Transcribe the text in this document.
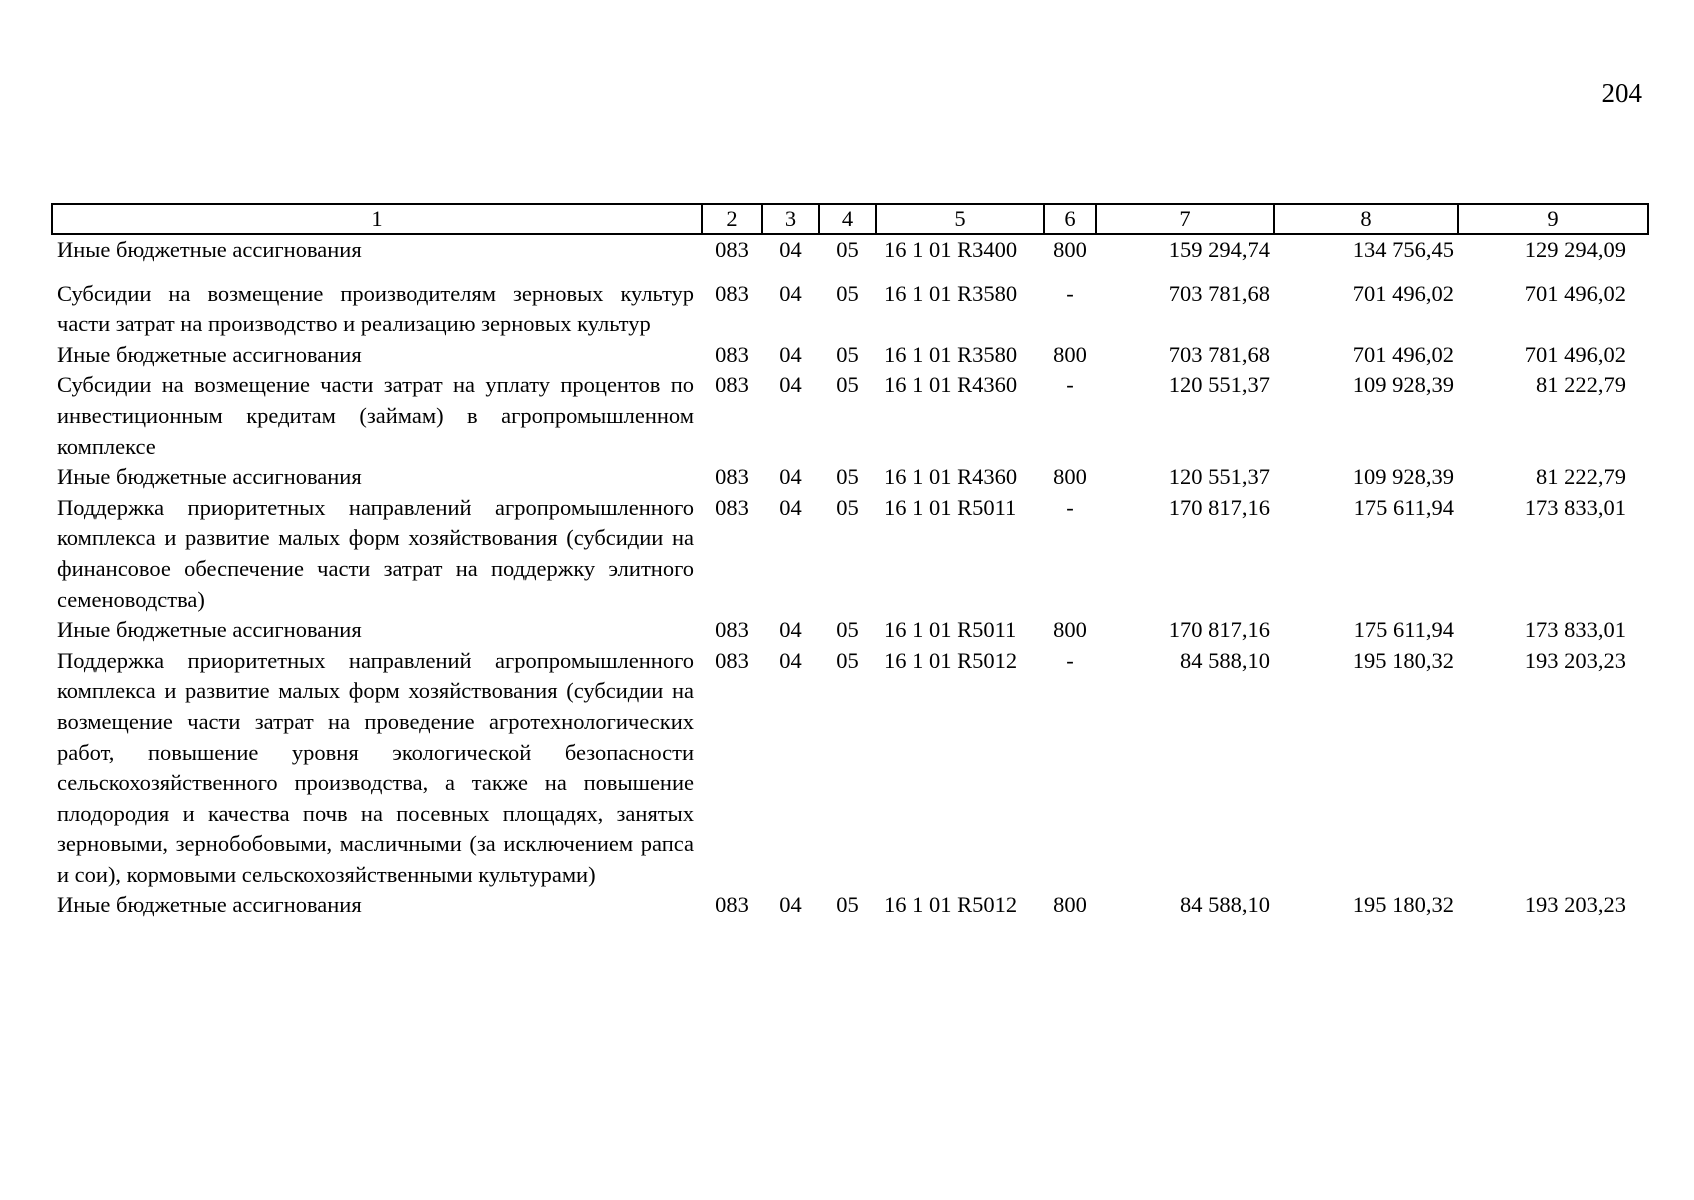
204
1	2	3	4	5	6	7	8	9
Иные бюджетные ассигнования	083	04	05	16 1 01 R3400	800	159 294,74	134 756,45	129 294,09
Субсидии на возмещение производителям зерновых культур части затрат на производство и реализацию зерновых культур	083	04	05	16 1 01 R3580	-	703 781,68	701 496,02	701 496,02
Иные бюджетные ассигнования	083	04	05	16 1 01 R3580	800	703 781,68	701 496,02	701 496,02
Субсидии на возмещение части затрат на уплату процентов по инвестиционным кредитам (займам) в агропромышленном комплексе	083	04	05	16 1 01 R4360	-	120 551,37	109 928,39	81 222,79
Иные бюджетные ассигнования	083	04	05	16 1 01 R4360	800	120 551,37	109 928,39	81 222,79
Поддержка приоритетных направлений агропромышленного комплекса и развитие малых форм хозяйствования (субсидии на финансовое обеспечение части затрат на поддержку элитного семеноводства)	083	04	05	16 1 01 R5011	-	170 817,16	175 611,94	173 833,01
Иные бюджетные ассигнования	083	04	05	16 1 01 R5011	800	170 817,16	175 611,94	173 833,01
Поддержка приоритетных направлений агропромышленного комплекса и развитие малых форм хозяйствования (субсидии на возмещение части затрат на проведение агротехнологических работ, повышение уровня экологической безопасности сельскохозяйственного производства, а также на повышение плодородия и качества почв на посевных площадях, занятых зерновыми, зернобобовыми, масличными (за исключением рапса и сои), кормовыми сельскохозяйственными культурами)	083	04	05	16 1 01 R5012	-	84 588,10	195 180,32	193 203,23
Иные бюджетные ассигнования	083	04	05	16 1 01 R5012	800	84 588,10	195 180,32	193 203,23
